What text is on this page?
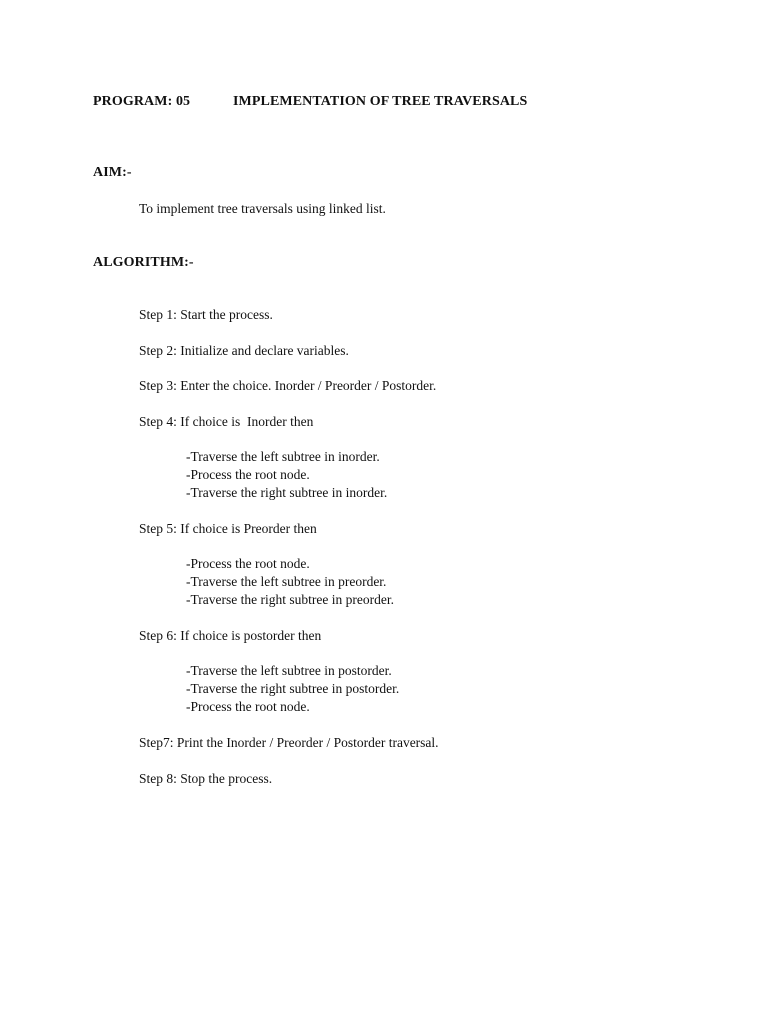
PROGRAM: 05	IMPLEMENTATION OF TREE TRAVERSALS
AIM:-
To implement tree traversals using linked list.
ALGORITHM:-
Step 1: Start the process.
Step 2: Initialize and declare variables.
Step 3: Enter the choice. Inorder / Preorder / Postorder.
Step 4: If choice is  Inorder then
-Traverse the left subtree in inorder.
-Process the root node.
-Traverse the right subtree in inorder.
Step 5: If choice is Preorder then
-Process the root node.
-Traverse the left subtree in preorder.
-Traverse the right subtree in preorder.
Step 6: If choice is postorder then
-Traverse the left subtree in postorder.
-Traverse the right subtree in postorder.
-Process the root node.
Step7: Print the Inorder / Preorder / Postorder traversal.
Step 8: Stop the process.
